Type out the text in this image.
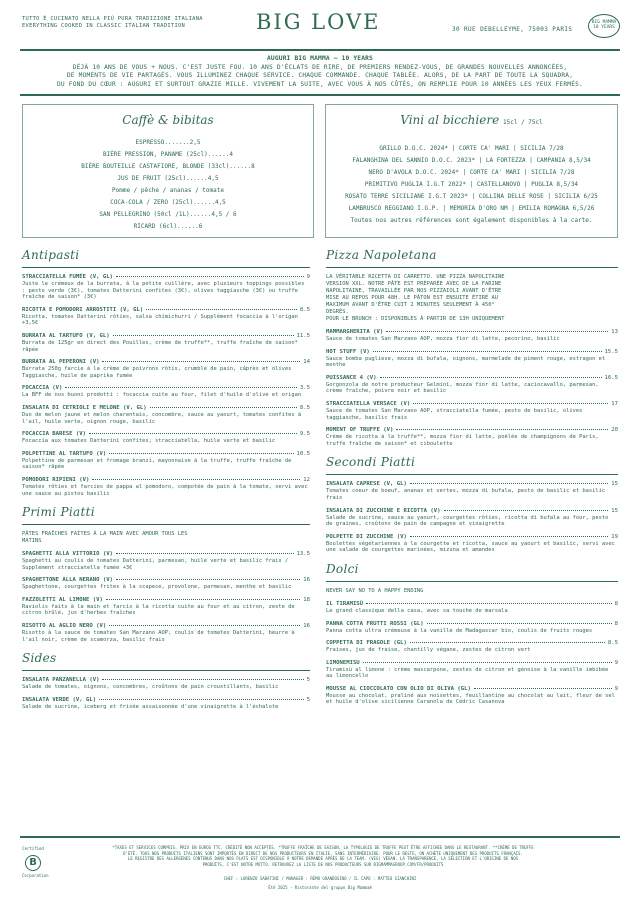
TUTTO È CUCINATO NELLA PIÙ PURA TRADIZIONE ITALIANA
EVERYTHING COOKED IN CLASSIC ITALIAN TRADITION	BIG LOVE	30 RUE DEBELLEYME, 75003 PARIS
BIG MAMMA 10 YEARS
AUGURI BIG MAMMA — 10 YEARS
DÉJÀ 10 ANS DE VOUS + NOUS. C'EST JUSTE FOU. 10 ANS D'ÉCLATS DE RIRE, DE PREMIERS RENDEZ-VOUS, DE GRANDES NOUVELLES ANNONCÉES,
DE MOMENTS DE VIE PARTAGÉS. VOUS ILLUMINEZ CHAQUE SERVICE. CHAQUE COMMANDE. CHAQUE TABLÉE. ALORS, DE LA PART DE TOUTE LA SQUADRA,
DU FOND DU CŒUR : AUGURI ET SURTOUT GRAZIE MILLE. VIVEMENT LA SUITE, AVEC VOUS À NOS CÔTÉS, ON REMPLIE POUR 10 ANNÉES LES YEUX FERMÉS.
Caffè & bibitas
ESPRESSO.......2,5
BIÈRE PRESSION, PANAME (25cl)......4
BIÈRE BOUTEILLE CASTAFIORE, BLONDE (33cl)......8
JUS DE FRUIT (25cl)......4,5
Pomme / pêche / ananas / tomate
COCA-COLA / ZERO (25cl)......4,5
SAN PELLEGRINO (50cl /1L)......4,5 / 6
RICARD (6cl)......6
Vini al bicchiere 15cl / 75cl
GRILLO D.O.C. 2024* | CORTE CA' MARI | SICILIA 7/28
FALANGHINA DEL SANNIO D.O.C. 2023* | LA FORTEZZA | CAMPANIA 8,5/34
NERO D'AVOLA D.O.C. 2024* | CORTE CA' MARI | SICILIA 7/28
PRIMITIVO PUGLIA I.G.T 2022* | CASTELLANOVO | PUGLIA 8,5/34
ROSATO TERRE SICILIANE I.G.T 2023* | COLLINA DELLE ROSE | SICILIA 6/25
LAMBRUSCO REGGIANO I.G.P. | MEMORIA D'ORO NM | EMILIA ROMAGNA 6,5/26
Toutes nos autres références sont également disponibles à la carte.
Antipasti
STRACCIATELLA FUMÉE (V, GL)	9
Juste le crémeux de la burrata, à la petite cuillère, avec plusieurs toppings possibles : pesto verde (3€), tomates Datterini confites (3€), olives taggiasche (3€) ou truffe fraîche de saison* (3€)
RICOTTA E POMODORI ARROSTITI (V, GL)	8.5
Ricotta, tomates Datterini rôties, salsa chimichurri / Supplément focaccia à l'origan +3,5€
BURRATA AL TARTUFO (V, GL)	11.5
Burrata de 125gr en direct des Pouilles, crème de truffe**, truffe fraîche de saison* râpée
BURRATA AL PEPERONI (V)	14
Burrata 250g farcie à la crème de poivrons rôtis, crumble de pain, câpres et olives Taggiasche, huile de paprika fumée
FOCACCIA (V)	3.5
La BFF de nos buoni prodotti : focaccia cuite au four, filet d'huile d'olive et origan
INSALATA DI CETRIOLI E MELONE (V, GL)	8.5
Duo de melon jaune et melon charentais, concombre, sauce au yaourt, tomates confites à l'ail, huile verte, oignon rouge, basilic
FOCACCIA BARESE (V)	9.5
Focaccia aux tomates Datterini confites, stracciatella, huile verte et basilic
POLPETTINE AL TARTUFO (V)	10.5
Polpettine de parmesan et fromage branzi, mayonnaise à la truffe, truffe fraîche de saison* râpée
POMODORI RIPIENI (V)	12
Tomates rôties et farcies de pappa al pomodoro, compotée de pain à la tomate, servi avec une sauce au pistou basilic
Primi Piatti
PÂTES FRAÎCHES FAITES À LA MAIN AVEC AMOUR TOUS LES
MATINS
SPAGHETTI ALLA VITTORIO (V)	13.5
Spaghetti au coulis de tomates Datterini, parmesan, huile verte et basilic frais / Supplément stracciatella fumée +3€
SPAGHETTONE ALLA NERANO (V)	16
Spaghettone, courgettes frites à la scapece, provolone, parmesan, menthe et basilic
FAZZOLETTI AL LIMONE (V)	18
Raviolis faits à la main et farcis à la ricotta cuite au four et au citron, zeste de citron brûlé, jus d'herbes fraîches
RISOTTO AL AGLIO NERO (V)	16
Risotto à la sauce de tomates San Marzano AOP, coulis de tomates Datterini, beurre à l'ail noir, crème de scamorza, basilic frais
Sides
INSALATA PANZANELLA (V)	5
Salade de tomates, oignons, concombres, croûtons de pain croustillants, basilic
INSALATA VERDE (V, GL)	5
Salade de sucrine, iceberg et frisée assaisonnée d'une vinaigrette à l'échalote
Pizza Napoletana
LA VÉRITABLE RICETTA DI CARRETTO. UNE PIZZA NAPOLITAINE
VERSION XXL. NOTRE PÂTE EST PRÉPARÉE AVEC DE LA FARINE
NAPOLITAINE, TRAVAILLÉE PAR NOS PIZZAIOLI AVANT D'ÊTRE
MISE AU REPOS POUR 48H. LE PÂTON EST ENSUITE ÉTIRÉ AU
MAXIMUM AVANT D'ÊTRE CUIT 2 MINUTES SEULEMENT À 450°
DEGRÉS.
POUR LE BRUNCH : DISPONIBLES À PARTIR DE 13H UNIQUEMENT
MAMMARGHERITA (V)	13
Sauce de tomates San Marzano AOP, mozza fior di latte, pecorino, basilic
HOT STUFF (V)	15.5
Sauce bomba pugliese, mozza di bufala, oignons, marmelade de piment rouge, estragon et menthe
PUISSANCE 4 (V)	16.5
Gorgonzola de notre producteur Gelmini, mozza fior di latte, caciocavallo, parmesan, crème fraîche, poivre noir et basilic
STRACCIATELLA VERSACE (V)	17
Sauce de tomates San Marzano AOP, stracciatella fumée, pesto de basilic, olives taggiasche, basilic frais
MOMENT OF TRUFFE (V)	20
Crème de ricotta à la truffe**, mozza fior di latte, poêlée de champignons de Paris, truffe fraîche de saison* et ciboulette
Secondi Piatti
INSALATA CAPRESE (V, GL)	15
Tomates coeur de boeuf, ananas et vertes, mozza di bufala, pesto de basilic et basilic frais
INSALATA DI ZUCCHINE E RICOTTA (V)	15
Salade de sucrine, sauce au yaourt, courgettes rôties, ricotta di bufala au four, pesto de graines, croûtons de pain de campagne et vinaigrette
POLPETTE DI ZUCCHINE (V)	19
Boulettes végétariennes à la courgette et ricotta, sauce au yaourt et basilic, servi avec une salade de courgettes marinées, mizuna et amandes
Dolci
NEVER SAY NO TO A HAPPY ENDING
IL TIRAMISÙ	8
Le grand classique della casa, avec sa touche de marsala
PANNA COTTA FRUTTI ROSSI (GL)	8
Panna cotta ultra crémeuse à la vanille de Madagascar bio, coulis de fruits rouges
COPPETTA DI FRAGOLE (GL)	8.5
Fraises, jus de fraise, chantilly végane, zestes de citron vert
LIMONEMISU	9
Tiramisù al limone : crème mascarpone, zestes de citron et génoise à la vanille imbibée au limoncello
MOUSSE AL CIOCCOLATO CON OLIO DI OLIVA (GL)	9
Mousse au chocolat, praliné aux noisettes, feuillantine au chocolat au lait, fleur de sel et huile d'olive sicilienne Caranola de Cédric Casanova
Certified
B
Corporation
*TAXES ET SERVICES COMPRIS, PRIX EN EUROS TTC. CRÉDITÉ NON ACCEPTÉS. *TRUFFE FRAÎCHE DE SAISON, LA TYPOLOGIE DE TRUFFE PEUT ÊTRE AFFICHÉE DANS LE RESTAURANT. **CRÈME DE TRUFFE
D'ÉTÉ. TOUS NOS PRODUITS ITALIENS SONT IMPORTÉS EN DIRECT DE NOS PRODUCTEURS EN ITALIE, SANS INTERMÉDIAIRE. POUR LE RESTE, ON ACHÈTE UNIQUEMENT DES PRODUITS FRANÇAIS.
LE REGISTRE DES ALLERGÈNES CONTENUS DANS NOS PLATS EST DISPONIBLE À NOTRE DEMANDE APRÈS DE LA TEAM. (VEG) VÉGAN. LA TRANSPARENCE, LA SÉLECTION ET L'ORIGINE DE NOS
PRODUITS, C'EST NOTRE MOTTO. RETROUVEZ LA LISTE DE NOS PRODUCTEURS SUR BIGMAMMAGROUP.COM/FR/PRODUITS
CHEF : LORENZO SABATINI / MANAGER : REMO GRANDOSINO / IL CAPO : MATTEO SIANCHINI
Été 2025 - Ristorante del gruppo Big Mamma®
